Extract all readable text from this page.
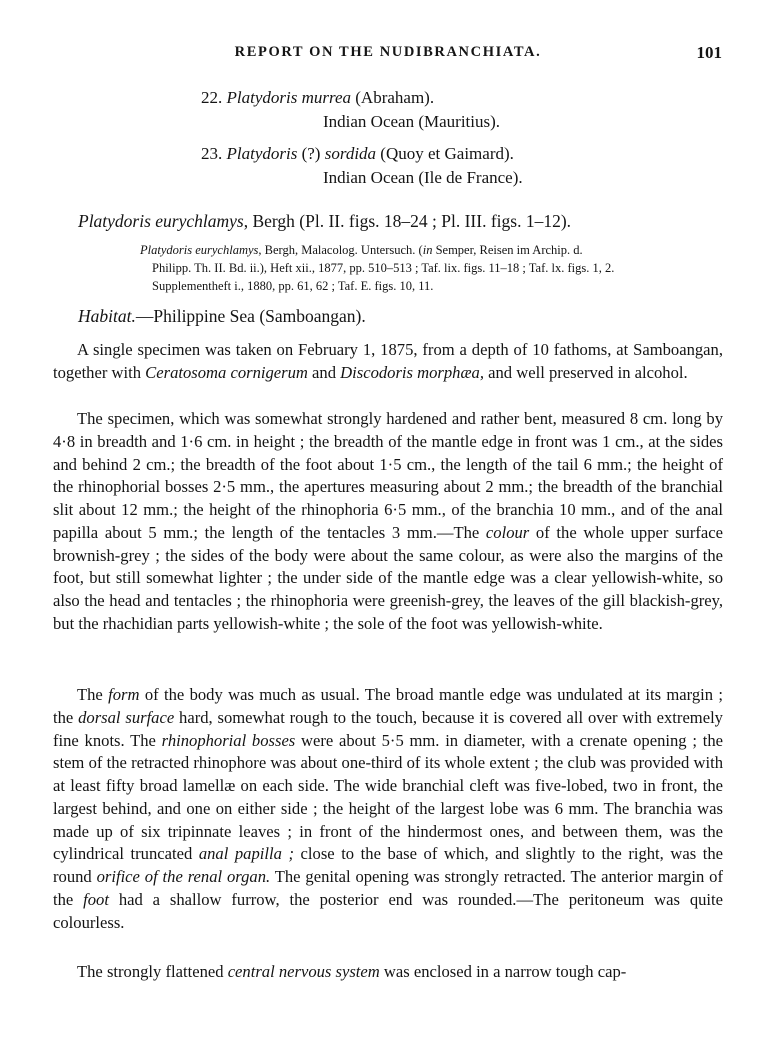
REPORT ON THE NUDIBRANCHIATA.	101
22. Platydoris murrea (Abraham).
Indian Ocean (Mauritius).
23. Platydoris (?) sordida (Quoy et Gaimard).
Indian Ocean (Ile de France).
Platydoris eurychlamys, Bergh (Pl. II. figs. 18–24 ; Pl. III. figs. 1–12).
Platydoris eurychlamys, Bergh, Malacolog. Untersuch. (in Semper, Reisen im Archip. d.
Philipp. Th. II. Bd. ii.), Heft xii., 1877, pp. 510–513 ; Taf. lix. figs. 11–18 ; Taf. lx. figs. 1, 2.
Supplementheft i., 1880, pp. 61, 62 ; Taf. E. figs. 10, 11.
Habitat.—Philippine Sea (Samboangan).
A single specimen was taken on February 1, 1875, from a depth of 10 fathoms, at Samboangan, together with Ceratosoma cornigerum and Discodoris morphæa, and well preserved in alcohol.
The specimen, which was somewhat strongly hardened and rather bent, measured 8 cm. long by 4·8 in breadth and 1·6 cm. in height ; the breadth of the mantle edge in front was 1 cm., at the sides and behind 2 cm.; the breadth of the foot about 1·5 cm., the length of the tail 6 mm.; the height of the rhinophorial bosses 2·5 mm., the apertures measuring about 2 mm.; the breadth of the branchial slit about 12 mm.; the height of the rhinophoria 6·5 mm., of the branchia 10 mm., and of the anal papilla about 5 mm.; the length of the tentacles 3 mm.—The colour of the whole upper surface brownish-grey ; the sides of the body were about the same colour, as were also the margins of the foot, but still somewhat lighter ; the under side of the mantle edge was a clear yellowish-white, so also the head and tentacles ; the rhinophoria were greenish-grey, the leaves of the gill blackish-grey, but the rhachidian parts yellowish-white ; the sole of the foot was yellowish-white.
The form of the body was much as usual. The broad mantle edge was undulated at its margin ; the dorsal surface hard, somewhat rough to the touch, because it is covered all over with extremely fine knots. The rhinophorial bosses were about 5·5 mm. in diameter, with a crenate opening ; the stem of the retracted rhinophore was about one-third of its whole extent ; the club was provided with at least fifty broad lamellæ on each side. The wide branchial cleft was five-lobed, two in front, the largest behind, and one on either side ; the height of the largest lobe was 6 mm. The branchia was made up of six tripinnate leaves ; in front of the hindermost ones, and between them, was the cylindrical truncated anal papilla ; close to the base of which, and slightly to the right, was the round orifice of the renal organ. The genital opening was strongly retracted. The anterior margin of the foot had a shallow furrow, the posterior end was rounded.—The peritoneum was quite colourless.
The strongly flattened central nervous system was enclosed in a narrow tough cap-
